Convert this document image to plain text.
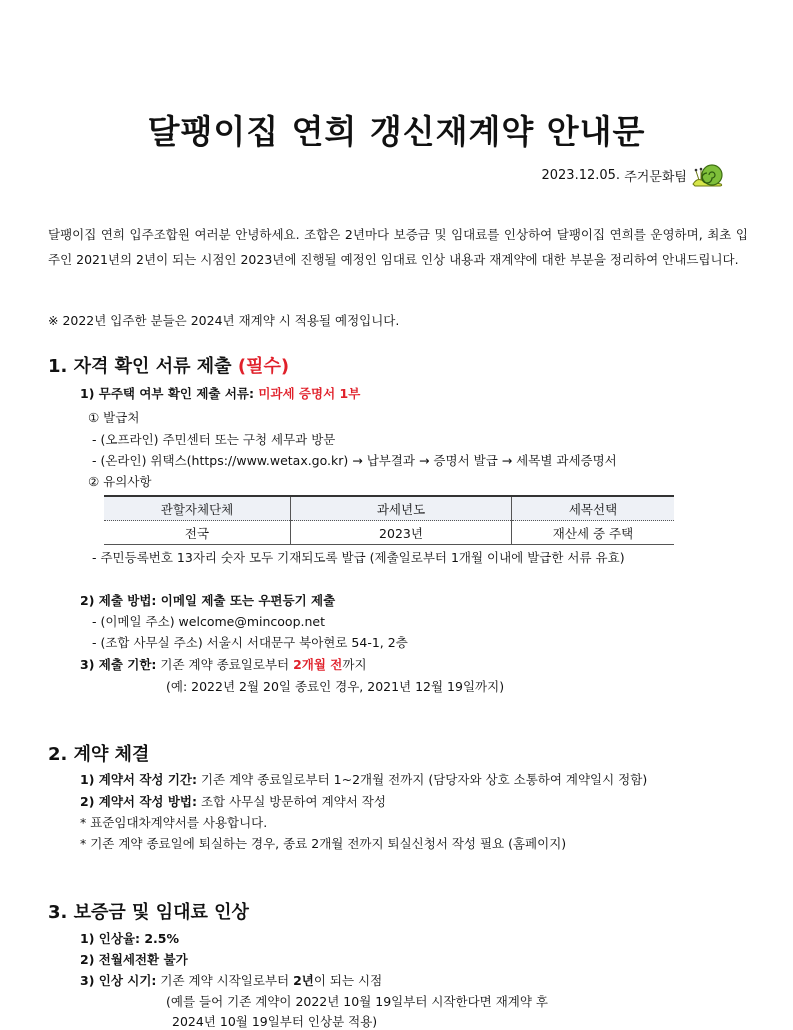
달팽이집 연희 갱신재계약 안내문
2023.12.05.
주거문화팀
달팽이집 연희 입주조합원 여러분 안녕하세요. 조합은 2년마다 보증금 및 임대료를 인상하여 달팽이집 연희를 운영하며, 최초 입주인 2021년의 2년이 되는 시점인 2023년에 진행될 예정인 임대료 인상 내용과 재계약에 대한 부분을 정리하여 안내드립니다.
※ 2022년 입주한 분들은 2024년 재계약 시 적용될 예정입니다.
1. 자격 확인 서류 제출 (필수)
1) 무주택 여부 확인 제출 서류: 미과세 증명서 1부
① 발급처
- (오프라인) 주민센터 또는 구청 세무과 방문
- (온라인) 위택스(https://www.wetax.go.kr) → 납부결과 → 증명서 발급 → 세목별 과세증명서
② 유의사항
관할자체단체	과세년도	세목선택
전국	2023년	재산세 중 주택
- 주민등록번호 13자리 숫자 모두 기재되도록 발급 (제출일로부터 1개월 이내에 발급한 서류 유효)
2) 제출 방법: 이메일 제출 또는 우편등기 제출
- (이메일 주소) welcome@mincoop.net
- (조합 사무실 주소) 서울시 서대문구 북아현로 54-1, 2층
3) 제출 기한: 기존 계약 종료일로부터 2개월 전까지
(예: 2022년 2월 20일 종료인 경우, 2021년 12월 19일까지)
2. 계약 체결
1) 계약서 작성 기간: 기존 계약 종료일로부터 1~2개월 전까지 (담당자와 상호 소통하여 계약일시 정함)
2) 계약서 작성 방법: 조합 사무실 방문하여 계약서 작성
* 표준임대차계약서를 사용합니다.
* 기존 계약 종료일에 퇴실하는 경우, 종료 2개월 전까지 퇴실신청서 작성 필요 (홈페이지)
3. 보증금 및 임대료 인상
1) 인상율: 2.5%
2) 전월세전환 불가
3) 인상 시기: 기존 계약 시작일로부터 2년이 되는 시점
(예를 들어 기존 계약이 2022년 10월 19일부터 시작한다면 재계약 후
2024년 10월 19일부터 인상분 적용)
